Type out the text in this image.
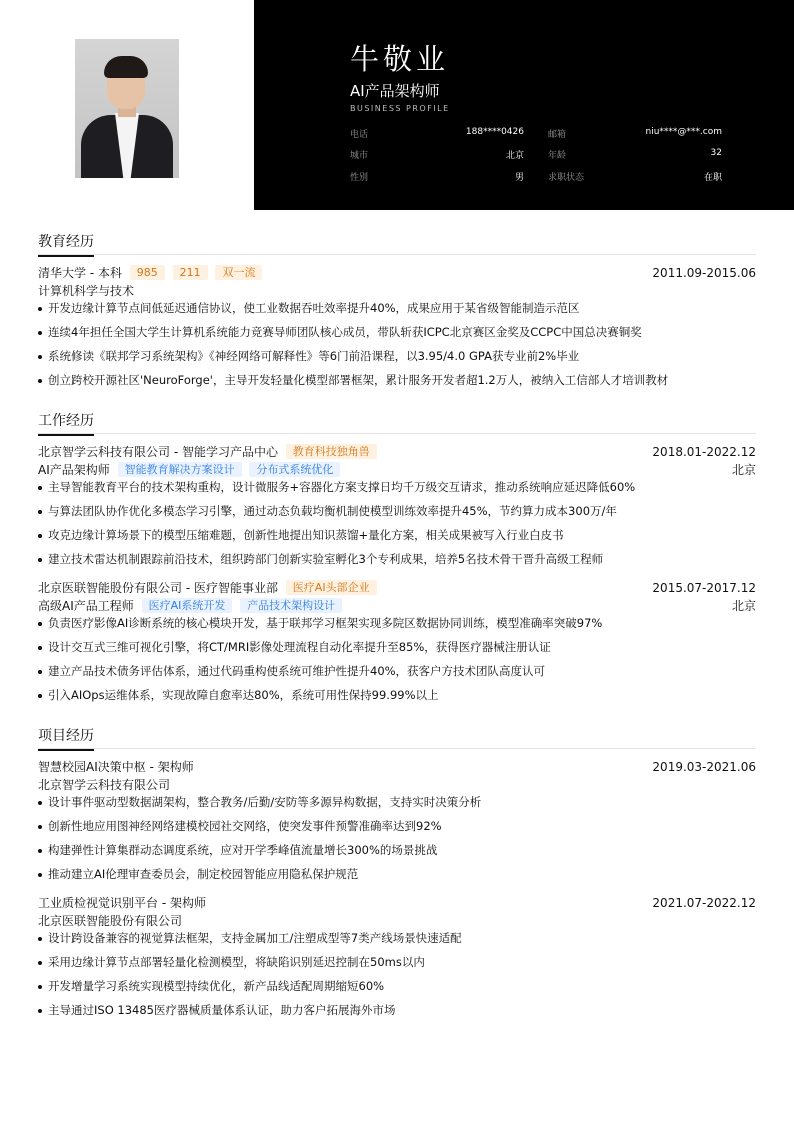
牛敬业
AI产品架构师
BUSINESS PROFILE
电话	188****0426	邮箱	niu****@***.com
城市	北京	年龄	32
性别	男	求职状态	在职
教育经历
清华大学 - 本科 985 211 双一流	2011.09-2015.06
计算机科学与技术
开发边缘计算节点间低延迟通信协议，使工业数据吞吐效率提升40%，成果应用于某省级智能制造示范区
连续4年担任全国大学生计算机系统能力竞赛导师团队核心成员，带队斩获ICPC北京赛区金奖及CCPC中国总决赛铜奖
系统修读《联邦学习系统架构》《神经网络可解释性》等6门前沿课程，以3.95/4.0 GPA获专业前2%毕业
创立跨校开源社区'NeuroForge'，主导开发轻量化模型部署框架，累计服务开发者超1.2万人，被纳入工信部人才培训教材
工作经历
北京智学云科技有限公司 - 智能学习产品中心 教育科技独角兽	2018.01-2022.12
AI产品架构师 智能教育解决方案设计 分布式系统优化	北京
主导智能教育平台的技术架构重构，设计微服务+容器化方案支撑日均千万级交互请求，推动系统响应延迟降低60%
与算法团队协作优化多模态学习引擎，通过动态负载均衡机制使模型训练效率提升45%，节约算力成本300万/年
攻克边缘计算场景下的模型压缩难题，创新性地提出知识蒸馏+量化方案，相关成果被写入行业白皮书
建立技术雷达机制跟踪前沿技术，组织跨部门创新实验室孵化3个专利成果，培养5名技术骨干晋升高级工程师
北京医联智能股份有限公司 - 医疗智能事业部 医疗AI头部企业	2015.07-2017.12
高级AI产品工程师 医疗AI系统开发 产品技术架构设计	北京
负责医疗影像AI诊断系统的核心模块开发，基于联邦学习框架实现多院区数据协同训练，模型准确率突破97%
设计交互式三维可视化引擎，将CT/MRI影像处理流程自动化率提升至85%，获得医疗器械注册认证
建立产品技术债务评估体系，通过代码重构使系统可维护性提升40%，获客户方技术团队高度认可
引入AIOps运维体系，实现故障自愈率达80%，系统可用性保持99.99%以上
项目经历
智慧校园AI决策中枢 - 架构师	2019.03-2021.06
北京智学云科技有限公司
设计事件驱动型数据湖架构，整合教务/后勤/安防等多源异构数据，支持实时决策分析
创新性地应用图神经网络建模校园社交网络，使突发事件预警准确率达到92%
构建弹性计算集群动态调度系统，应对开学季峰值流量增长300%的场景挑战
推动建立AI伦理审查委员会，制定校园智能应用隐私保护规范
工业质检视觉识别平台 - 架构师	2021.07-2022.12
北京医联智能股份有限公司
设计跨设备兼容的视觉算法框架，支持金属加工/注塑成型等7类产线场景快速适配
采用边缘计算节点部署轻量化检测模型，将缺陷识别延迟控制在50ms以内
开发增量学习系统实现模型持续优化，新产品线适配周期缩短60%
主导通过ISO 13485医疗器械质量体系认证，助力客户拓展海外市场
